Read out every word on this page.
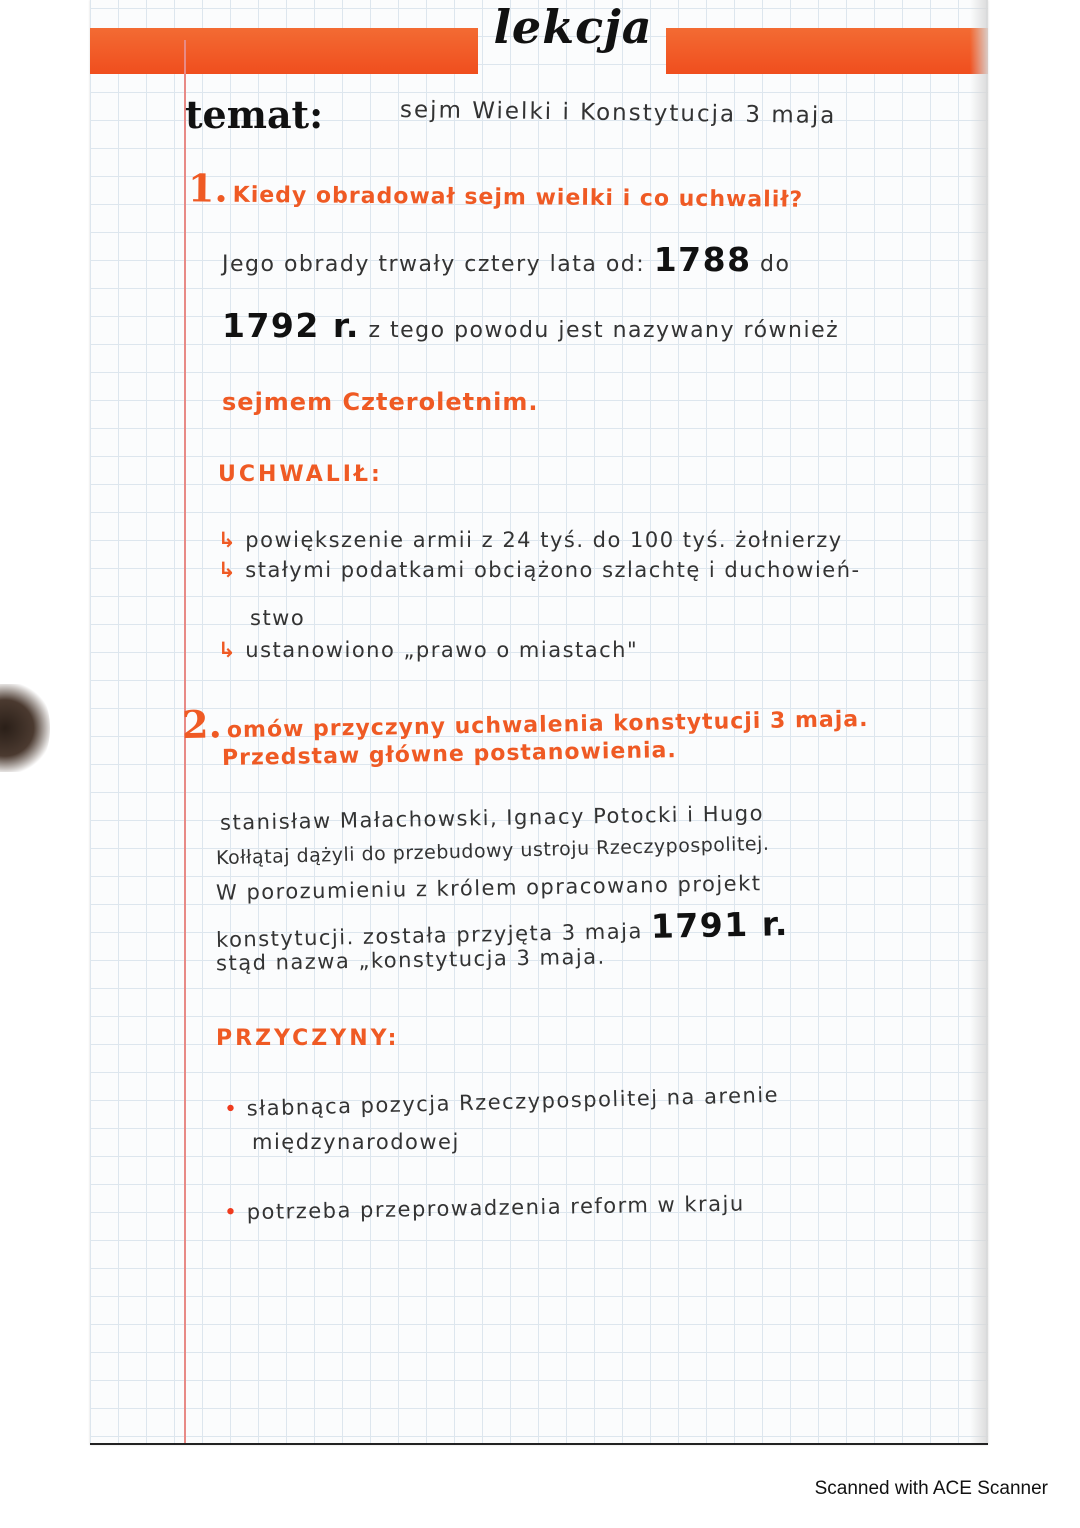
lekcja
temat:	sejm Wielki i Konstytucja 3 maja
1. Kiedy obradował sejm wielki i co uchwalił?
Jego obrady trwały cztery lata od: 1788 do
1792 r. z tego powodu jest nazywany również
sejmem Czteroletnim.
UCHWALIŁ:
↳ powiększenie armii z 24 tyś. do 100 tyś. żołnierzy
↳ stałymi podatkami obciążono szlachtę i duchowień-
stwo
↳ ustanowiono „prawo o miastach"
2. omów przyczyny uchwalenia konstytucji 3 maja.
Przedstaw główne postanowienia.
stanisław Małachowski, Ignacy Potocki i Hugo
Kołłątaj dążyli do przebudowy ustroju Rzeczypospolitej.
W porozumieniu z królem opracowano projekt
konstytucji. została przyjęta 3 maja 1791 r.
stąd nazwa „konstytucja 3 maja.
PRZYCZYNY:
• słabnąca pozycja Rzeczypospolitej na arenie
międzynarodowej
• potrzeba przeprowadzenia reform w kraju
Scanned with ACE Scanner
